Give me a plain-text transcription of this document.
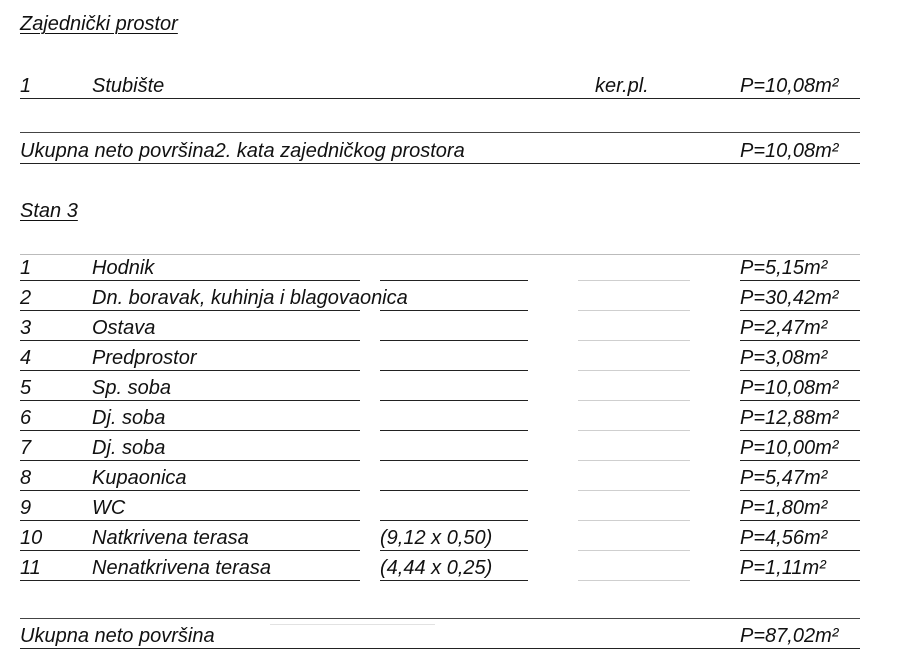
Zajednički prostor
1	Stubište	ker.pl.	P=10,08m²
Ukupna neto površina2. kata zajedničkog prostora	P=10,08m²
Stan 3
1	Hodnik	P=5,15m²
2	Dn. boravak, kuhinja i blagovaonica	P=30,42m²
3	Ostava	P=2,47m²
4	Predprostor	P=3,08m²
5	Sp. soba	P=10,08m²
6	Dj. soba	P=12,88m²
7	Dj. soba	P=10,00m²
8	Kupaonica	P=5,47m²
9	WC	P=1,80m²
10 Natkrivena terasa	(9,12 x 0,50)	P=4,56m²
11	Nenatkrivena terasa	(4,44 x 0,25)	P=1,11m²
Ukupna neto površina	P=87,02m²
